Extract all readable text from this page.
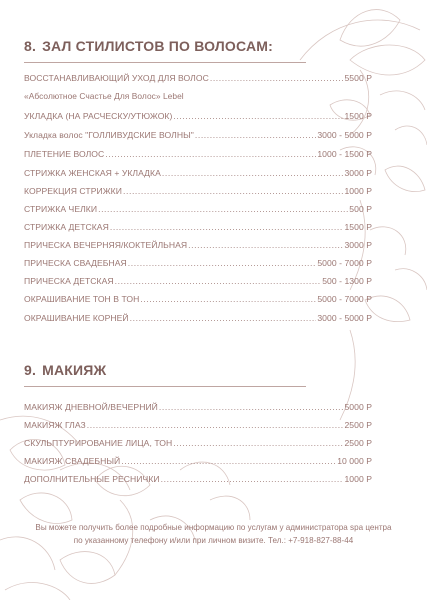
8. ЗАЛ СТИЛИСТОВ ПО ВОЛОСАМ:
ВОССТАНАВЛИВАЮЩИЙ УХОД ДЛЯ ВОЛОС .....	5500 Р
«Абсолютное Счастье Для Волос» Lebel
УКЛАДКА (НА РАСЧЕСКУ/УТЮЖОК) .....	1500 Р
Укладка волос "ГОЛЛИВУДСКИЕ ВОЛНЫ" .....	3000 - 5000 Р
ПЛЕТЕНИЕ ВОЛОС .....	1000 - 1500 Р
СТРИЖКА ЖЕНСКАЯ + УКЛАДКА .....	3000 Р
КОРРЕКЦИЯ СТРИЖКИ .....	1000 Р
СТРИЖКА ЧЕЛКИ .....	500 Р
СТРИЖКА ДЕТСКАЯ .....	1500 Р
ПРИЧЕСКА ВЕЧЕРНЯЯ/КОКТЕЙЛЬНАЯ .....	3000 Р
ПРИЧЕСКА СВАДЕБНАЯ .....	5000 - 7000 Р
ПРИЧЕСКА ДЕТСКАЯ .....	500 - 1300 Р
ОКРАШИВАНИЕ ТОН В ТОН .....	5000 - 7000 Р
ОКРАШИВАНИЕ КОРНЕЙ .....	3000 - 5000 Р
9. МАКИЯЖ
МАКИЯЖ ДНЕВНОЙ/ВЕЧЕРНИЙ .....	5000 Р
МАКИЯЖ ГЛАЗ .....	2500 Р
СКУЛЬПТУРИРОВАНИЕ ЛИЦА, ТОН .....	2500 Р
МАКИЯЖ СВАДЕБНЫЙ .....	10 000 Р
ДОПОЛНИТЕЛЬНЫЕ РЕСНИЧКИ .....	1000 Р
Вы можете получить более подробные информацию по услугам у администратора spa центра по указанному телефону и/или при личном визите. Тел.: +7-918-827-88-44
